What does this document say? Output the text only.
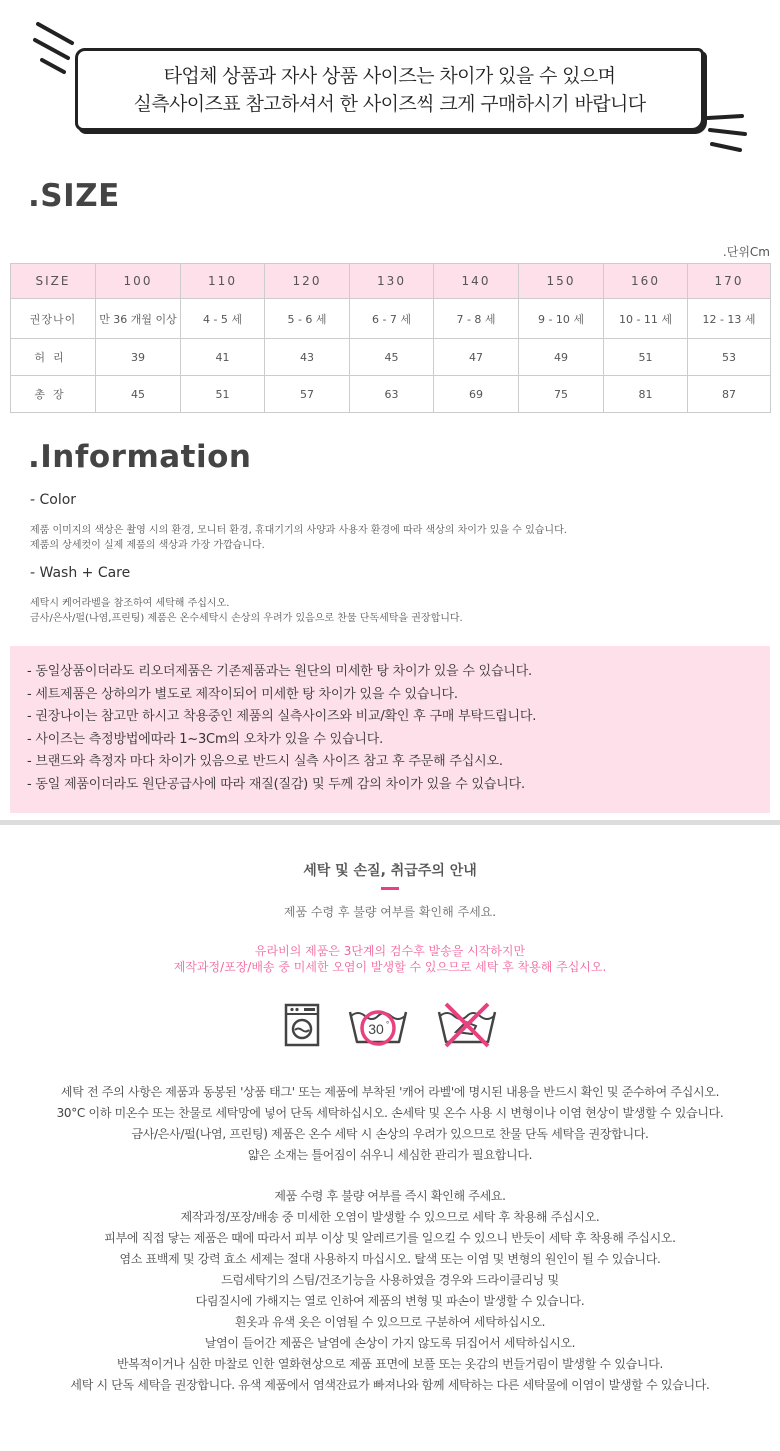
타업체 상품과 자사 상품 사이즈는 차이가 있을 수 있으며
실측사이즈표 참고하셔서 한 사이즈씩 크게 구매하시기 바랍니다
.SIZE
.단위Cm
SIZE	100	110	120	130	140	150	160	170
권장나이	만 36 개월 이상	4 - 5 세	5 - 6 세	6 - 7 세	7 - 8 세	9 - 10 세	10 - 11 세	12 - 13 세
허리	39	41	43	45	47	49	51	53
총장	45	51	57	63	69	75	81	87
.Information
- Color
제품 이미지의 색상은 촬영 시의 환경, 모니터 환경, 휴대기기의 사양과 사용자 환경에 따라 색상의 차이가 있을 수 있습니다.
제품의 상세컷이 실제 제품의 색상과 가장 가깝습니다.
- Wash + Care
세탁시 케어라벨을 참조하여 세탁해 주십시오.
금사/은사/펄(나염,프린팅) 제품은 온수세탁시 손상의 우려가 있음으로 찬물 단독세탁을 권장합니다.
- 동일상품이더라도 리오더제품은 기존제품과는 원단의 미세한 탕 차이가 있을 수 있습니다.
- 세트제품은 상하의가 별도로 제작이되어 미세한 탕 차이가 있을 수 있습니다.
- 권장나이는 참고만 하시고 착용중인 제품의 실측사이즈와 비교/확인 후 구매 부탁드립니다.
- 사이즈는 측정방법에따라 1~3Cm의 오차가 있을 수 있습니다.
- 브랜드와 측정자 마다 차이가 있음으로 반드시 실측 사이즈 참고 후 주문해 주십시오.
- 동일 제품이더라도 원단공급사에 따라 재질(질감) 및 두께 감의 차이가 있을 수 있습니다.
세탁 및 손질, 취급주의 안내
제품 수령 후 불량 여부를 확인해 주세요.
유라비의 제품은 3단계의 검수후 발송을 시작하지만
제작과정/포장/배송 중 미세한 오염이 발생할 수 있으므로 세탁 후 착용해 주십시오.
30 °
세탁 전 주의 사항은 제품과 동봉된 '상품 태그' 또는 제품에 부착된 '캐어 라벨'에 명시된 내용을 반드시 확인 및 준수하여 주십시오.
30°C 이하 미온수 또는 찬물로 세탁망에 넣어 단독 세탁하십시오. 손세탁 및 온수 사용 시 변형이나 이염 현상이 발생할 수 있습니다.
금사/은사/펄(나염, 프린팅) 제품은 온수 세탁 시 손상의 우려가 있으므로 찬물 단독 세탁을 권장합니다.
얇은 소재는 틀어짐이 쉬우니 세심한 관리가 필요합니다.
제품 수령 후 불량 여부를 즉시 확인해 주세요.
제작과정/포장/배송 중 미세한 오염이 발생할 수 있으므로 세탁 후 착용해 주십시오.
피부에 직접 닿는 제품은 때에 따라서 피부 이상 및 알레르기를 일으킬 수 있으니 반듯이 세탁 후 착용해 주십시오.
염소 표백제 및 강력 효소 세제는 절대 사용하지 마십시오. 탈색 또는 이염 및 변형의 원인이 될 수 있습니다.
드럼세탁기의 스팀/건조기능을 사용하였을 경우와 드라이클리닝 및
다림질시에 가해지는 열로 인하여 제품의 변형 및 파손이 발생할 수 있습니다.
흰옷과 유색 옷은 이염될 수 있으므로 구분하여 세탁하십시오.
날염이 들어간 제품은 날염에 손상이 가지 않도록 뒤집어서 세탁하십시오.
반복적이거나 심한 마찰로 인한 열화현상으로 제품 표면에 보풀 또는 옷감의 번들거림이 발생할 수 있습니다.
세탁 시 단독 세탁을 권장합니다. 유색 제품에서 염색잔료가 빠져나와 함께 세탁하는 다른 세탁물에 이염이 발생할 수 있습니다.
